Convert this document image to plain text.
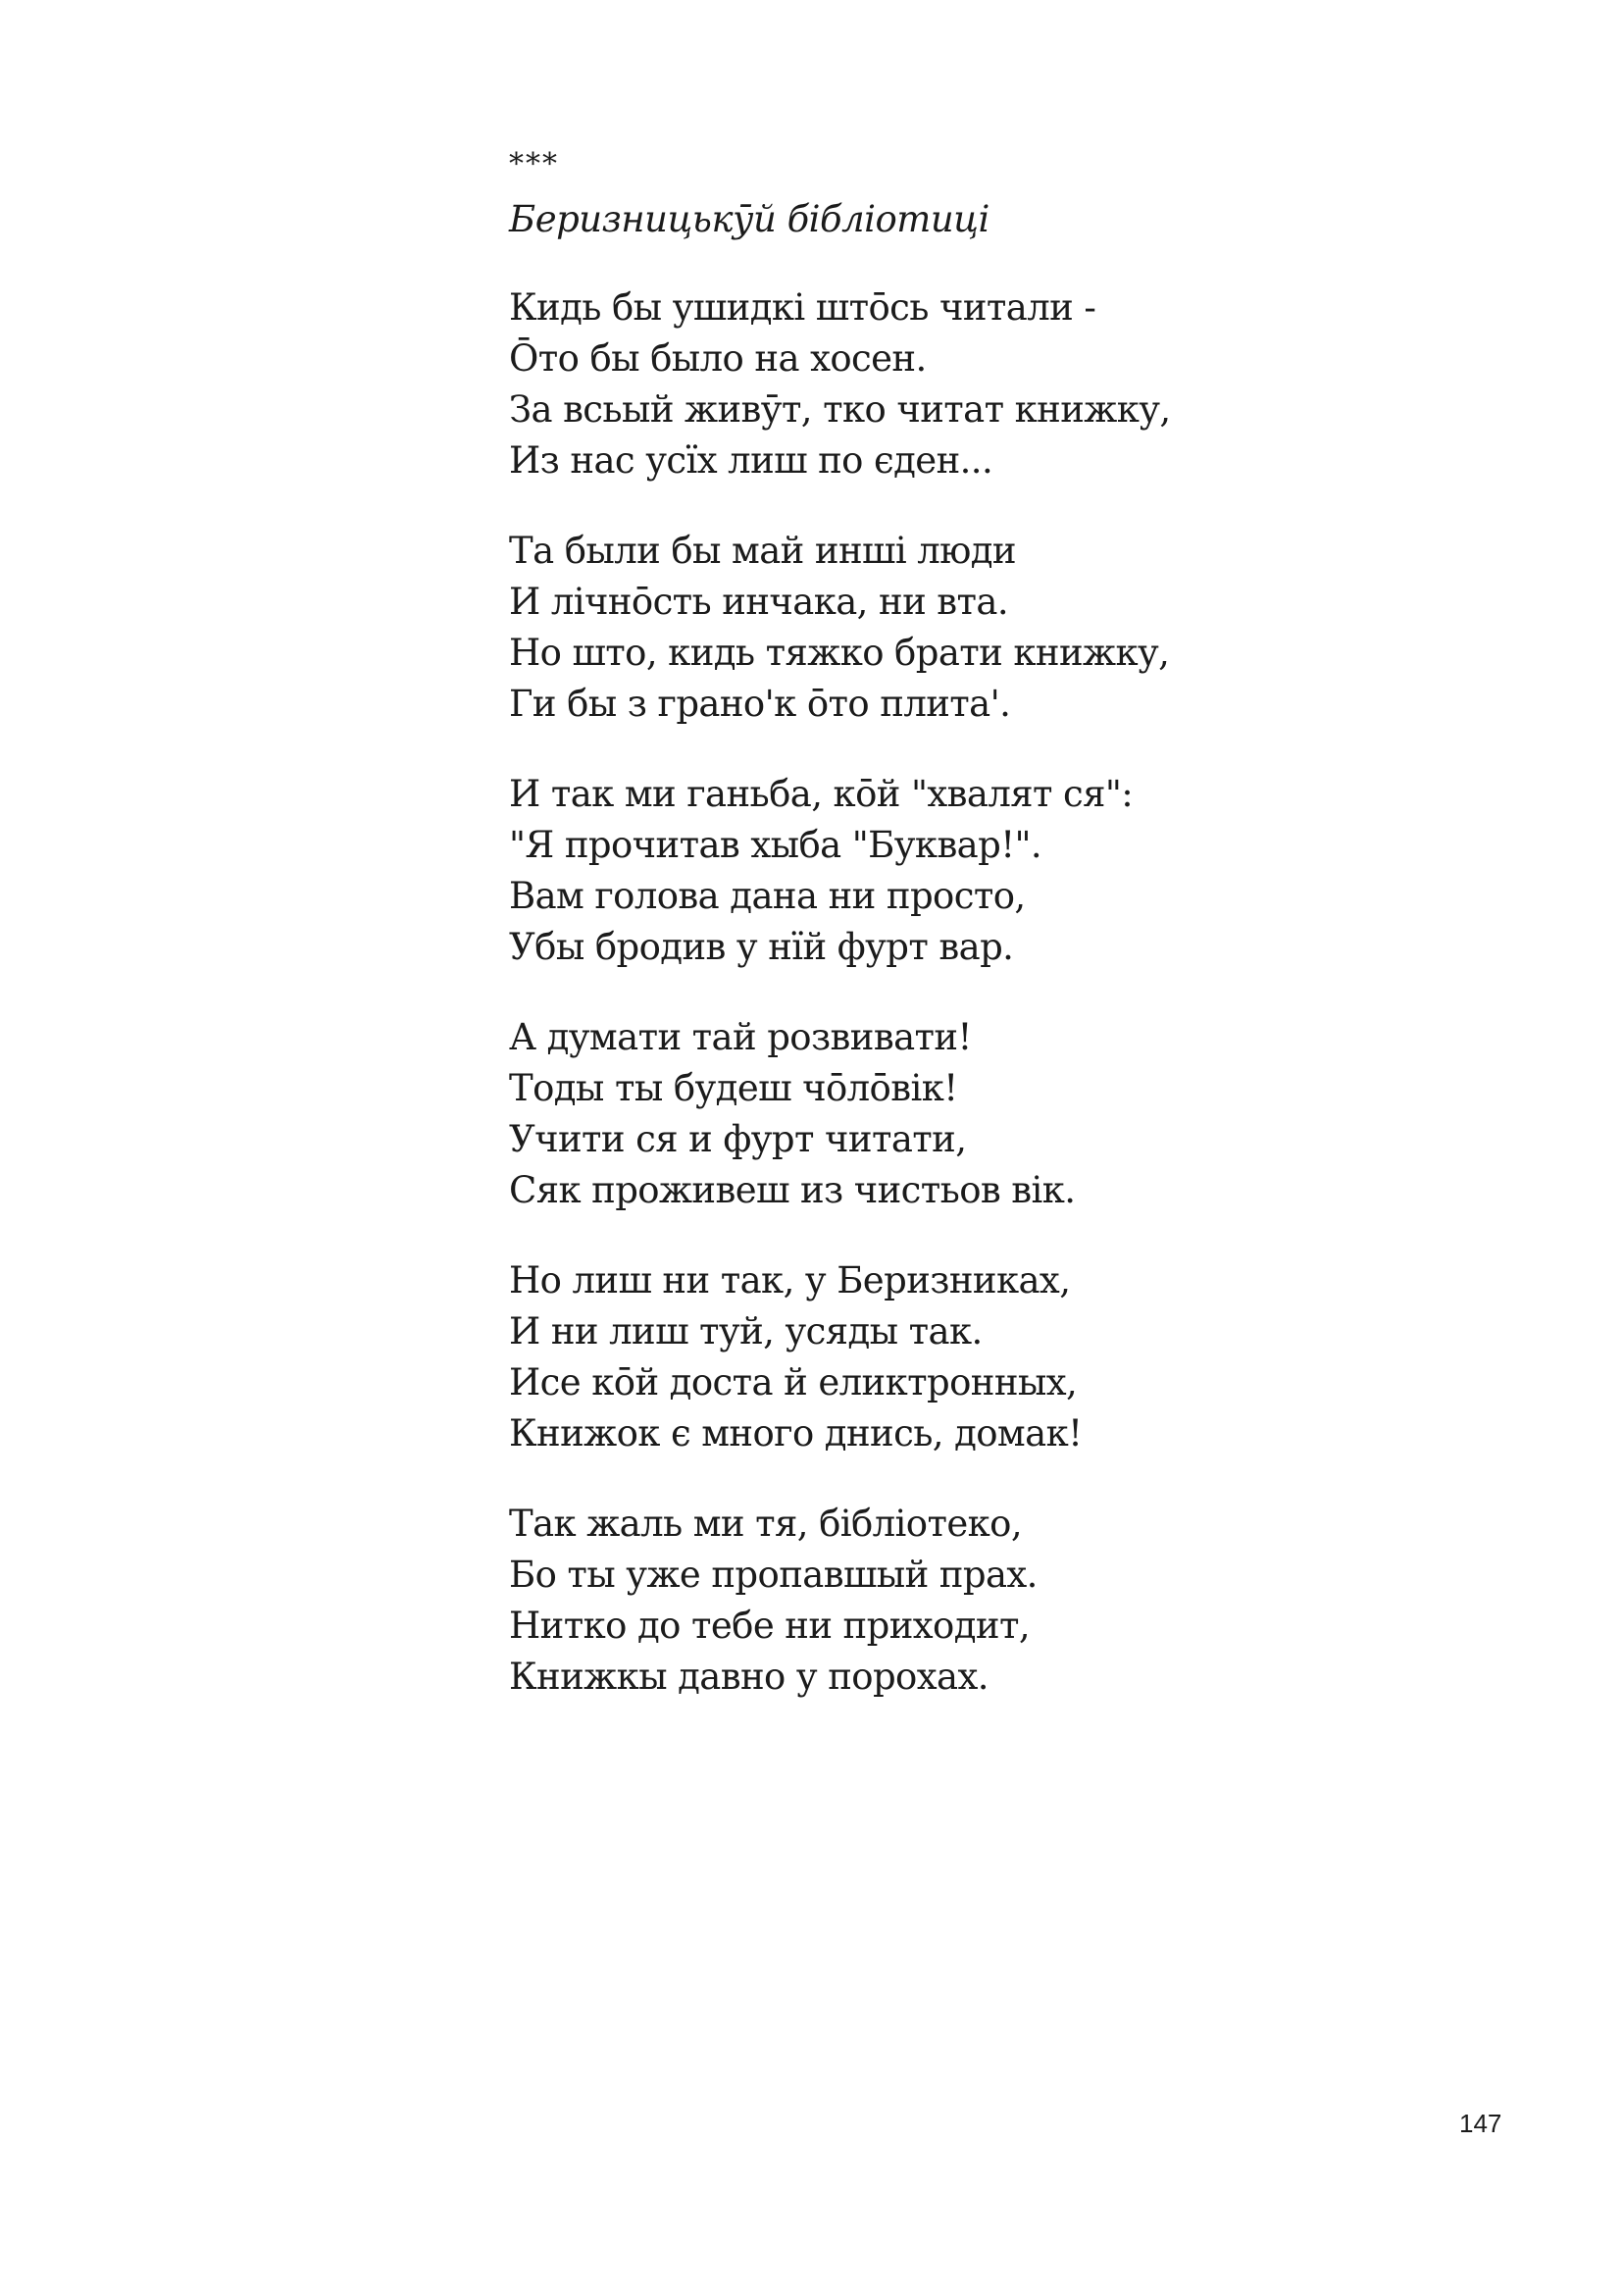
***
Беризницькӯй бібліотиці
Кидь бы ушидкі штōсь читали -
Ōто бы было на хосен.
За всьый живӯт, тко читат книжку,
Из нас усїх лиш по єден...
Та были бы май инші люди
И лічнōсть инчака, ни вта.
Но што, кидь тяжко брати книжку,
Ги бы з грано'к ōто плита'.
И так ми ганьба, кōй "хвалят ся":
"Я прочитав хыба "Буквар!".
Вам голова дана ни просто,
Убы бродив у нїй фурт вар.
А думати тай розвивати!
Тоды ты будеш чōлōвік!
Учити ся и фурт читати,
Сяк проживеш из чистьов вік.
Но лиш ни так, у Беризниках,
И ни лиш туй, усяды так.
Исе кōй доста й еликтронных,
Книжок є много днись, домак!
Так жаль ми тя, бібліотеко,
Бо ты уже пропавшый прах.
Нитко до тебе ни приходит,
Книжкы давно у порохах.
147
